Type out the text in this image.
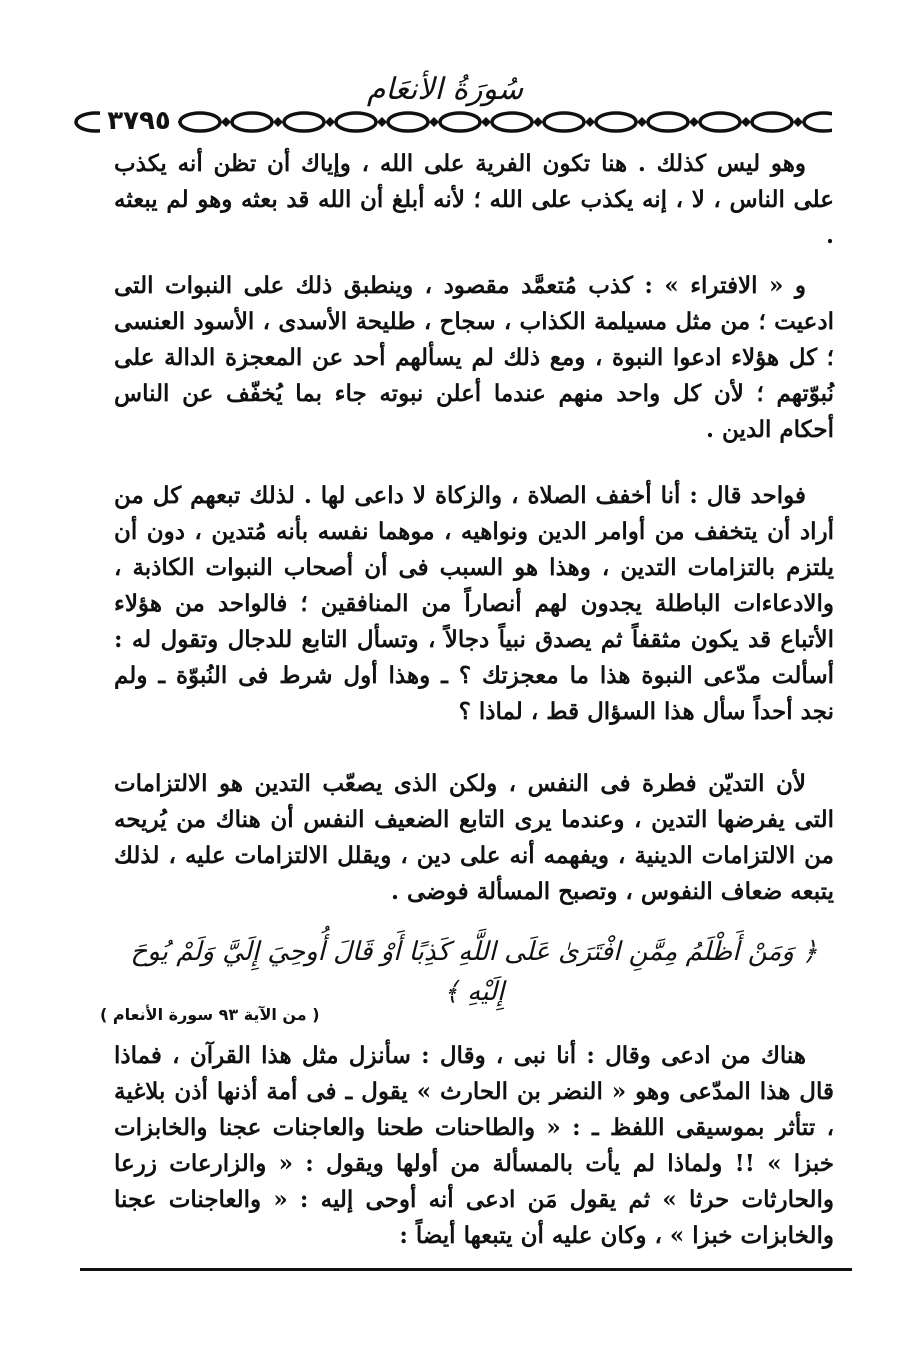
سُورَةُ الأنعَام
٣٧٩٥
وهو ليس كذلك . هنا تكون الفرية على الله ، وإياك أن تظن أنه يكذب على الناس ، لا ، إنه يكذب على الله ؛ لأنه أبلغ أن الله قد بعثه وهو لم يبعثه .
و « الافتراء » : كذب مُتعمَّد مقصود ، وينطبق ذلك على النبوات التى ادعيت ؛ من مثل مسيلمة الكذاب ، سجاح ، طليحة الأسدى ، الأسود العنسى ؛ كل هؤلاء ادعوا النبوة ، ومع ذلك لم يسألهم أحد عن المعجزة الدالة على نُبوّتهم ؛ لأن كل واحد منهم عندما أعلن نبوته جاء بما يُخفّف عن الناس أحكام الدين .
فواحد قال : أنا أخفف الصلاة ، والزكاة لا داعى لها . لذلك تبعهم كل من أراد أن يتخفف من أوامر الدين ونواهيه ، موهما نفسه بأنه مُتدين ، دون أن يلتزم بالتزامات التدين ، وهذا هو السبب فى أن أصحاب النبوات الكاذبة ، والادعاءات الباطلة يجدون لهم أنصاراً من المنافقين ؛ فالواحد من هؤلاء الأتباع قد يكون مثقفاً ثم يصدق نبياً دجالاً ، وتسأل التابع للدجال وتقول له : أسألت مدّعى النبوة هذا ما معجزتك ؟ ـ وهذا أول شرط فى النُبوّة ـ ولم نجد أحداً سأل هذا السؤال قط ، لماذا ؟
لأن التديّن فطرة فى النفس ، ولكن الذى يصعّب التدين هو الالتزامات التى يفرضها التدين ، وعندما يرى التابع الضعيف النفس أن هناك من يُريحه من الالتزامات الدينية ، ويفهمه أنه على دين ، ويقلل الالتزامات عليه ، لذلك يتبعه ضعاف النفوس ، وتصبح المسألة فوضى .
﴿ وَمَنْ أَظْلَمُ مِمَّنِ افْتَرَىٰ عَلَى اللَّهِ كَذِبًا أَوْ قَالَ أُوحِيَ إِلَيَّ وَلَمْ يُوحَ إِلَيْهِ ﴾
( من الآية ٩٣ سورة الأنعام )
هناك من ادعى وقال : أنا نبى ، وقال : سأنزل مثل هذا القرآن ، فماذا قال هذا المدّعى وهو « النضر بن الحارث » يقول ـ فى أمة أذنها أذن بلاغية ، تتأثر بموسيقى اللفظ ـ : « والطاحنات طحنا والعاجنات عجنا والخابزات خبزا » !! ولماذا لم يأت بالمسألة من أولها ويقول : « والزارعات زرعا والحارثات حرثا » ثم يقول مَن ادعى أنه أوحى إليه : « والعاجنات عجنا والخابزات خبزا » ، وكان عليه أن يتبعها أيضاً :
